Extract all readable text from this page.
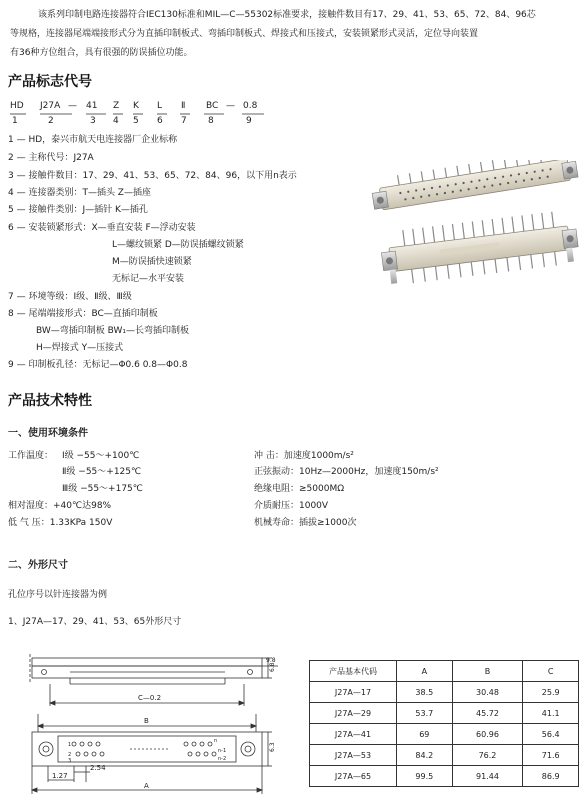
该系列印制电路连接器符合IEC130标准和MIL—C—55302标准要求，接触件数目有17、29、41、53、65、72、84、96芯

等规格，连接器尾端端接形式分为直插印制板式、弯插印制板式、焊接式和压接式，安装锁紧形式灵活，定位导向装置

有36种方位组合，具有很强的防误插位功能。

产品标志代号
HD J27A — 41 Z K L Ⅱ BC — 0.8
1	2	3 4 5 6 7 8	9
1 — HD，泰兴市航天电连接器厂企业标称
2 — 主称代号：J27A
3 — 接触件数目：17、29、41、53、65、72、84、96，以下用n表示
4 — 连接器类别：T—插头 Z—插座
5 — 接触件类别：J—插针 K—插孔
6 — 安装锁紧形式：X—垂直安装 F—浮动安装
L—螺纹锁紧 D—防误插螺纹锁紧
M—防误插快速锁紧
无标记—水平安装
7 — 环境等级：Ⅰ级、Ⅱ级、Ⅲ级
8 — 尾端端接形式：BC—直插印制板
BW—弯插印制板 BW₁—长弯插印制板
H—焊接式 Y—压接式
9 — 印制板孔径：无标记—Φ0.6 0.8—Φ0.8
产品技术特性
一、使用环境条件
工作温度： Ⅰ级 −55～+100℃
Ⅱ级 −55～+125℃
Ⅲ级 −55～+175℃
相对湿度：+40℃达98%
低 气 压：1.33KPa 150V
冲 击：加速度1000m/s²
正弦振动：10Hz—2000Hz，加速度150m/s²
绝缘电阻：≥5000MΩ
介质耐压：1000V
机械寿命：插拔≥1000次
二、外形尺寸
孔位序号以针连接器为例
1、J27A—17、29、41、53、65外形尺寸
C—0.2
B
A
1.27
2.54
6.8
9.8
6.3
1
2
3
n
n-1
n-2
产品基本代码	A	B	C
J27A—17	38.5	30.48	25.9
J27A—29	53.7	45.72	41.1
J27A—41	69	60.96	56.4
J27A—53	84.2	76.2	71.6
J27A—65	99.5	91.44	86.9
